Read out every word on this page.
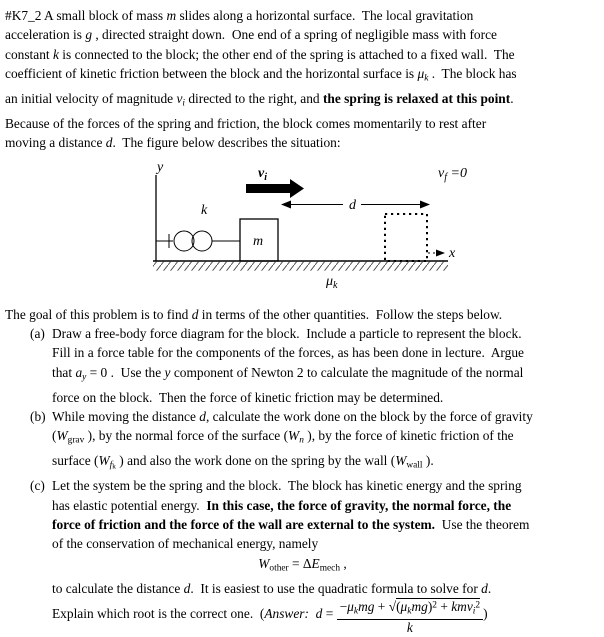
#K7_2 A small block of mass m slides along a horizontal surface.  The local gravitation
acceleration is g , directed straight down.  One end of a spring of negligible mass with force
constant k is connected to the block; the other end of the spring is attached to a fixed wall.  The
coefficient of kinetic friction between the block and the horizontal surface is μk .  The block has
an initial velocity of magnitude vi directed to the right, and the spring is relaxed at this point.
Because of the forces of the spring and friction, the block comes momentarily to rest after
moving a distance d.  The figure below describes the situation:
y	$v_i$	$v_f =0$
d
k
m
x
$\mu_k$
The goal of this problem is to find d in terms of the other quantities.  Follow the steps below.
(a) Draw a free-body force diagram for the block.  Include a particle to represent the block.
Fill in a force table for the components of the forces, as has been done in lecture.  Argue
that ay = 0 .  Use the y component of Newton 2 to calculate the magnitude of the normal
force on the block.  Then the force of kinetic friction may be determined.
(b) While moving the distance d, calculate the work done on the block by the force of gravity
(Wgrav ), by the normal force of the surface (Wn ), by the force of kinetic friction of the
surface ($Wf_k$ ) and also the work done on the spring by the wall (Wwall ).
(c) Let the system be the spring and the block.  The block has kinetic energy and the spring
has elastic potential energy.  In this case, the force of gravity, the normal force, the
force of friction and the force of the wall are external to the system.  Use the theorem
of the conservation of mechanical energy, namely
Wother = ΔEmech ,
to calculate the distance d.  It is easiest to use the quadratic formula to solve for d.
Explain which root is the correct one.  (Answer:  $d = \frac{-\mu kmg + √(\mu kmg)^2 + kmvi^2}{k}$ )
